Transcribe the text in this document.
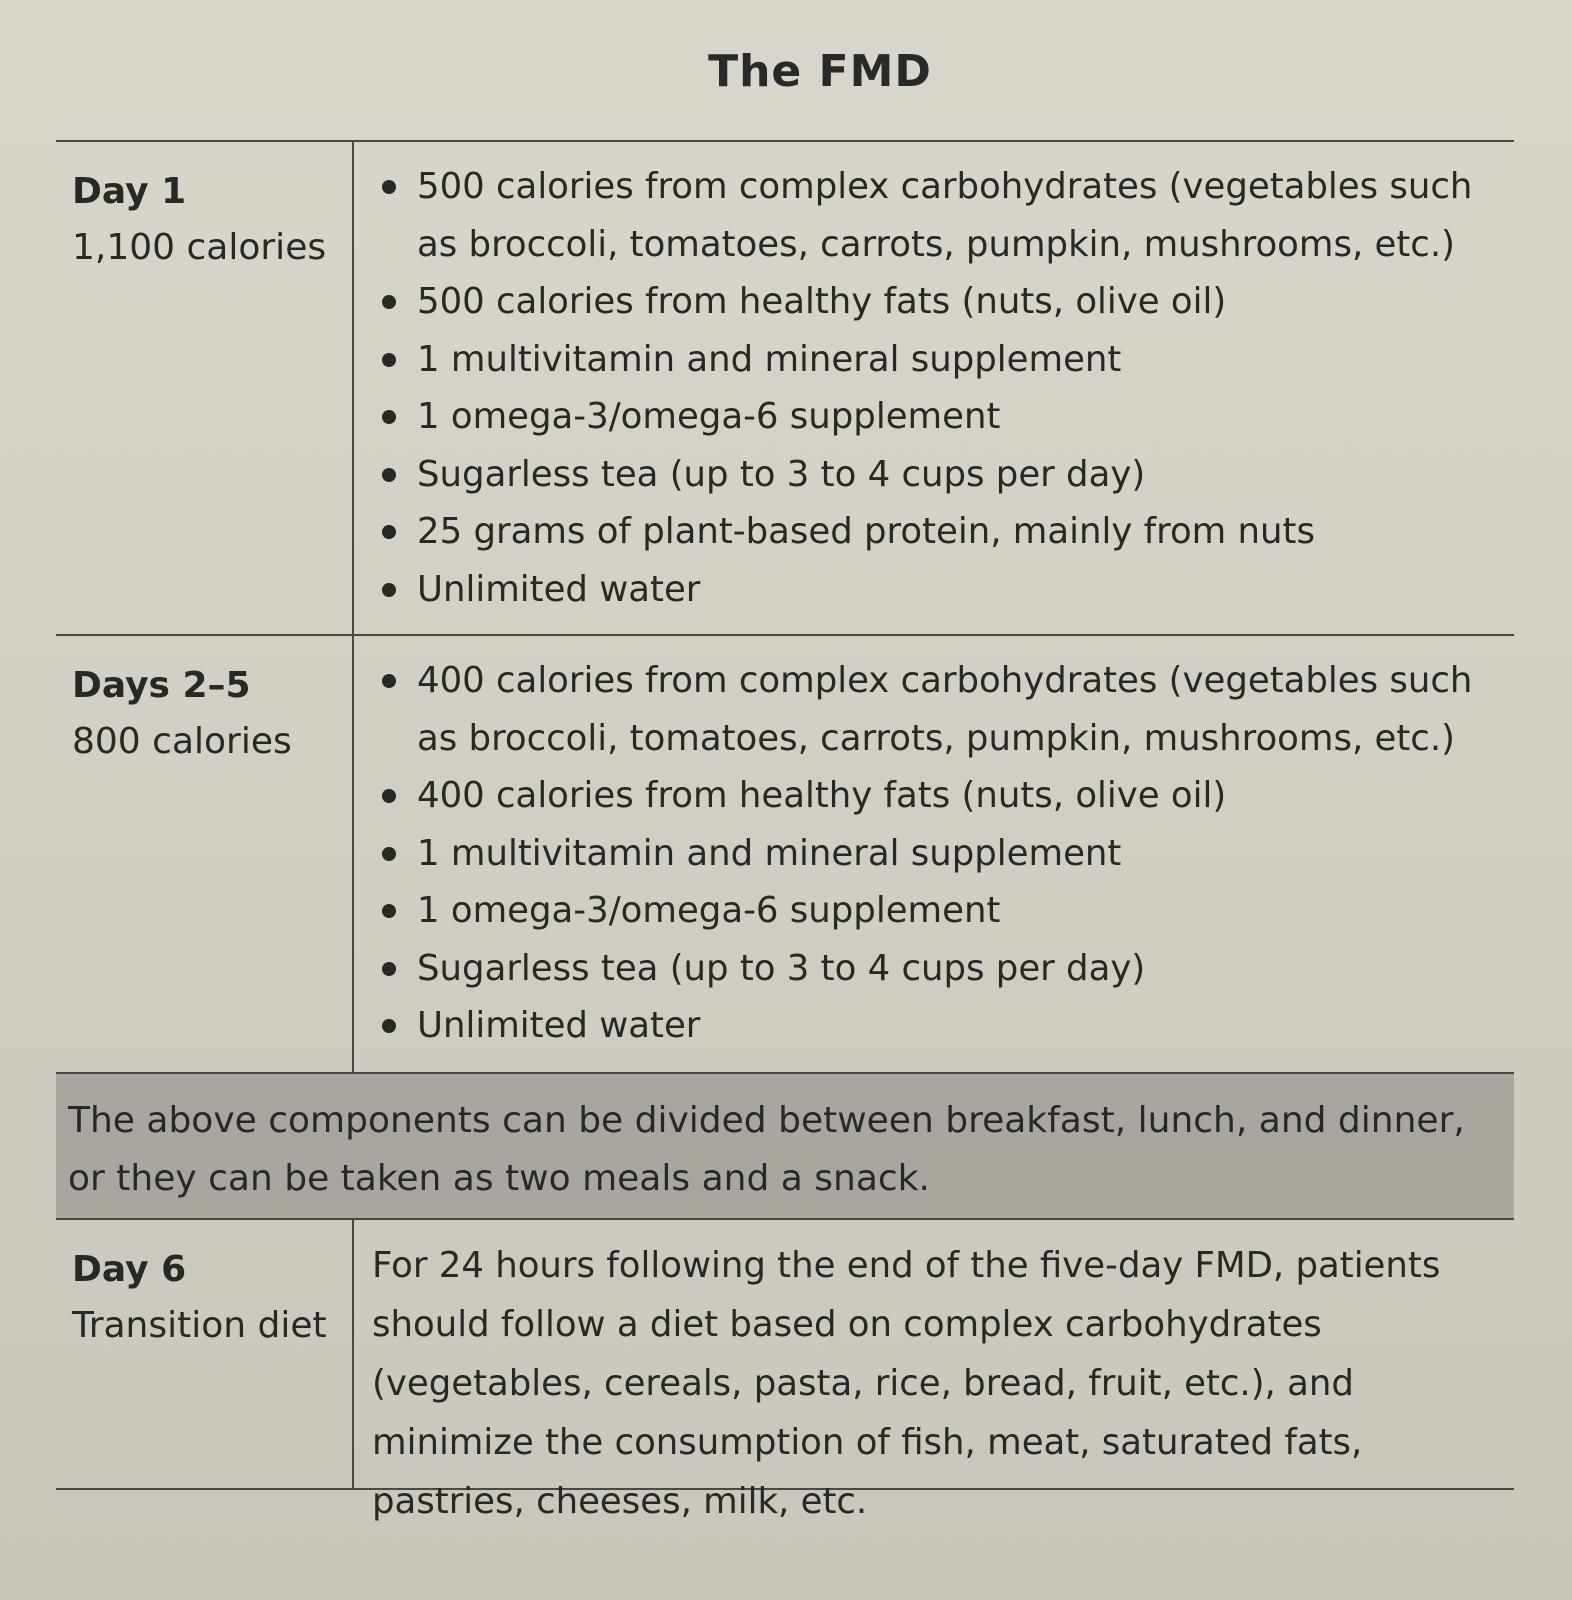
The FMD
Day 1
1,100 calories
500 calories from complex carbohydrates (vegetables such as broccoli, tomatoes, carrots, pumpkin, mushrooms, etc.)
500 calories from healthy fats (nuts, olive oil)
1 multivitamin and mineral supplement
1 omega-3/omega-6 supplement
Sugarless tea (up to 3 to 4 cups per day)
25 grams of plant-based protein, mainly from nuts
Unlimited water
Days 2–5
800 calories
400 calories from complex carbohydrates (vegetables such as broccoli, tomatoes, carrots, pumpkin, mushrooms, etc.)
400 calories from healthy fats (nuts, olive oil)
1 multivitamin and mineral supplement
1 omega-3/omega-6 supplement
Sugarless tea (up to 3 to 4 cups per day)
Unlimited water
The above components can be divided between breakfast, lunch, and dinner, or they can be taken as two meals and a snack.
Day 6
Transition diet
For 24 hours following the end of the five-day FMD, patients should follow a diet based on complex carbohydrates (vegetables, cereals, pasta, rice, bread, fruit, etc.), and minimize the consumption of fish, meat, saturated fats, pastries, cheeses, milk, etc.
